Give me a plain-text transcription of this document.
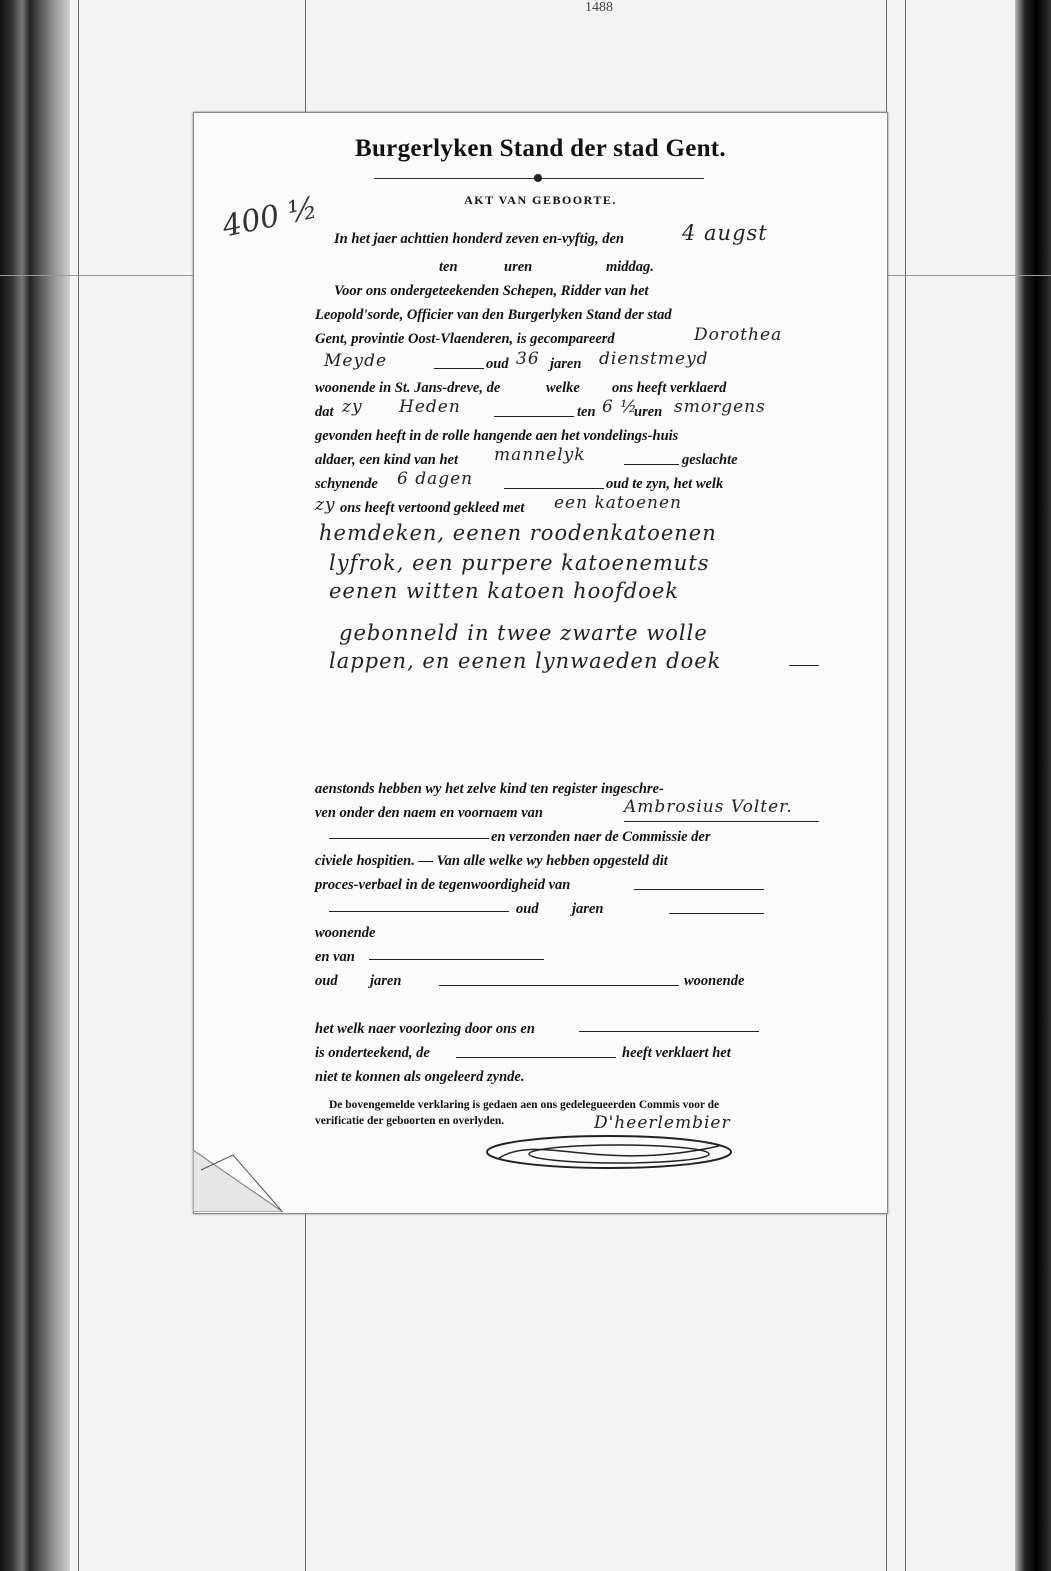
1488
Burgerlyken Stand der stad Gent.
AKT VAN GEBOORTE.
In het jaer achttien honderd zeven en-vyftig, den	4 augst
ten	uren	middag.
Voor ons ondergeteekenden Schepen, Ridder van het
Leopold'sorde, Officier van den Burgerlyken Stand der stad
Gent, provintie Oost-Vlaenderen, is gecompareerd	Dorothea
Meyde	oud 36 jaren dienstmeyd
woonende in St. Jans-dreve, de	welke ons heeft verklaerd
dat zy Heden	ten 6 ½
uren smorgens
gevonden heeft in de rolle hangende aen het vondelings-huis
aldaer, een kind van het mannelyk	geslachte
schynende 6 dagen	oud te zyn, het welk
zy ons heeft vertoond gekleed met een katoenen
hemdeken, eenen roodenkatoenen
lyfrok, een purpere katoenemuts
eenen witten katoen hoofdoek
gebonneld in twee zwarte wolle
lappen, en eenen lynwaeden doek
aenstonds hebben wy het zelve kind ten register ingeschre-
ven onder den naem en voornaem van	Ambrosius Volter.
en verzonden naer de Commissie der
civiele hospitien. — Van alle welke wy hebben opgesteld dit
proces-verbael in de tegenwoordigheid van
oud jaren
woonende
en van
oud jaren	woonende
het welk naer voorlezing door ons en
is onderteekend, de	heeft verklaert het
niet te konnen als ongeleerd zynde.
De bovengemelde verklaring is gedaen aen ons gedelegueerden Commis voor de
verificatie der geboorten en overlyden.	D'heerlembier
400 ½
